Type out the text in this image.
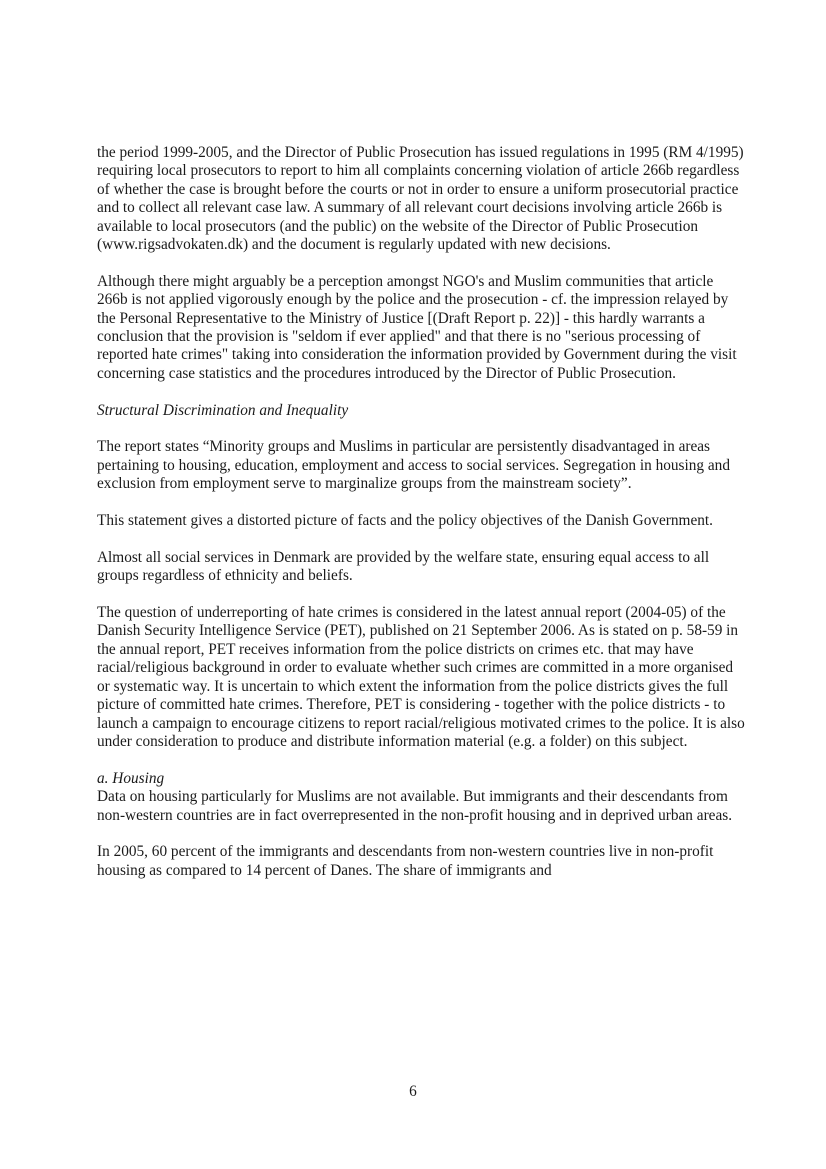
the period 1999-2005, and the Director of Public Prosecution has issued regulations in 1995 (RM 4/1995) requiring local prosecutors to report to him all complaints concerning violation of article 266b regardless of whether the case is brought before the courts or not in order to ensure a uniform prosecutorial practice and to collect all relevant case law. A summary of all relevant court decisions involving article 266b is available to local prosecutors (and the public) on the website of the Director of Public Prosecution (www.rigsadvokaten.dk) and the document is regularly updated with new decisions.

Although there might arguably be a perception amongst NGO's and Muslim communities that article 266b is not applied vigorously enough by the police and the prosecution - cf. the impression relayed by the Personal Representative to the Ministry of Justice [(Draft Report p. 22)] - this hardly warrants a conclusion that the provision is "seldom if ever applied" and that there is no "serious processing of reported hate crimes" taking into consideration the information provided by Government during the visit concerning case statistics and the procedures introduced by the Director of Public Prosecution.

Structural Discrimination and Inequality

The report states “Minority groups and Muslims in particular are persistently disadvantaged in areas pertaining to housing, education, employment and access to social services. Segregation in housing and exclusion from employment serve to marginalize groups from the mainstream society”.

This statement gives a distorted picture of facts and the policy objectives of the Danish Government.

Almost all social services in Denmark are provided by the welfare state, ensuring equal access to all groups regardless of ethnicity and beliefs.

The question of underreporting of hate crimes is considered in the latest annual report (2004-05) of the Danish Security Intelligence Service (PET), published on 21 September 2006. As is stated on p. 58-59 in the annual report, PET receives information from the police districts on crimes etc. that may have racial/religious background in order to evaluate whether such crimes are committed in a more organised or systematic way. It is uncertain to which extent the information from the police districts gives the full picture of committed hate crimes. Therefore, PET is considering - together with the police districts - to launch a campaign to encourage citizens to report racial/religious motivated crimes to the police. It is also under consideration to produce and distribute information material (e.g. a folder) on this subject.

a. Housing

Data on housing particularly for Muslims are not available. But immigrants and their descendants from non-western countries are in fact overrepresented in the non-profit housing and in deprived urban areas.

In 2005, 60 percent of the immigrants and descendants from non-western countries live in non-profit housing as compared to 14 percent of Danes. The share of immigrants and

6
